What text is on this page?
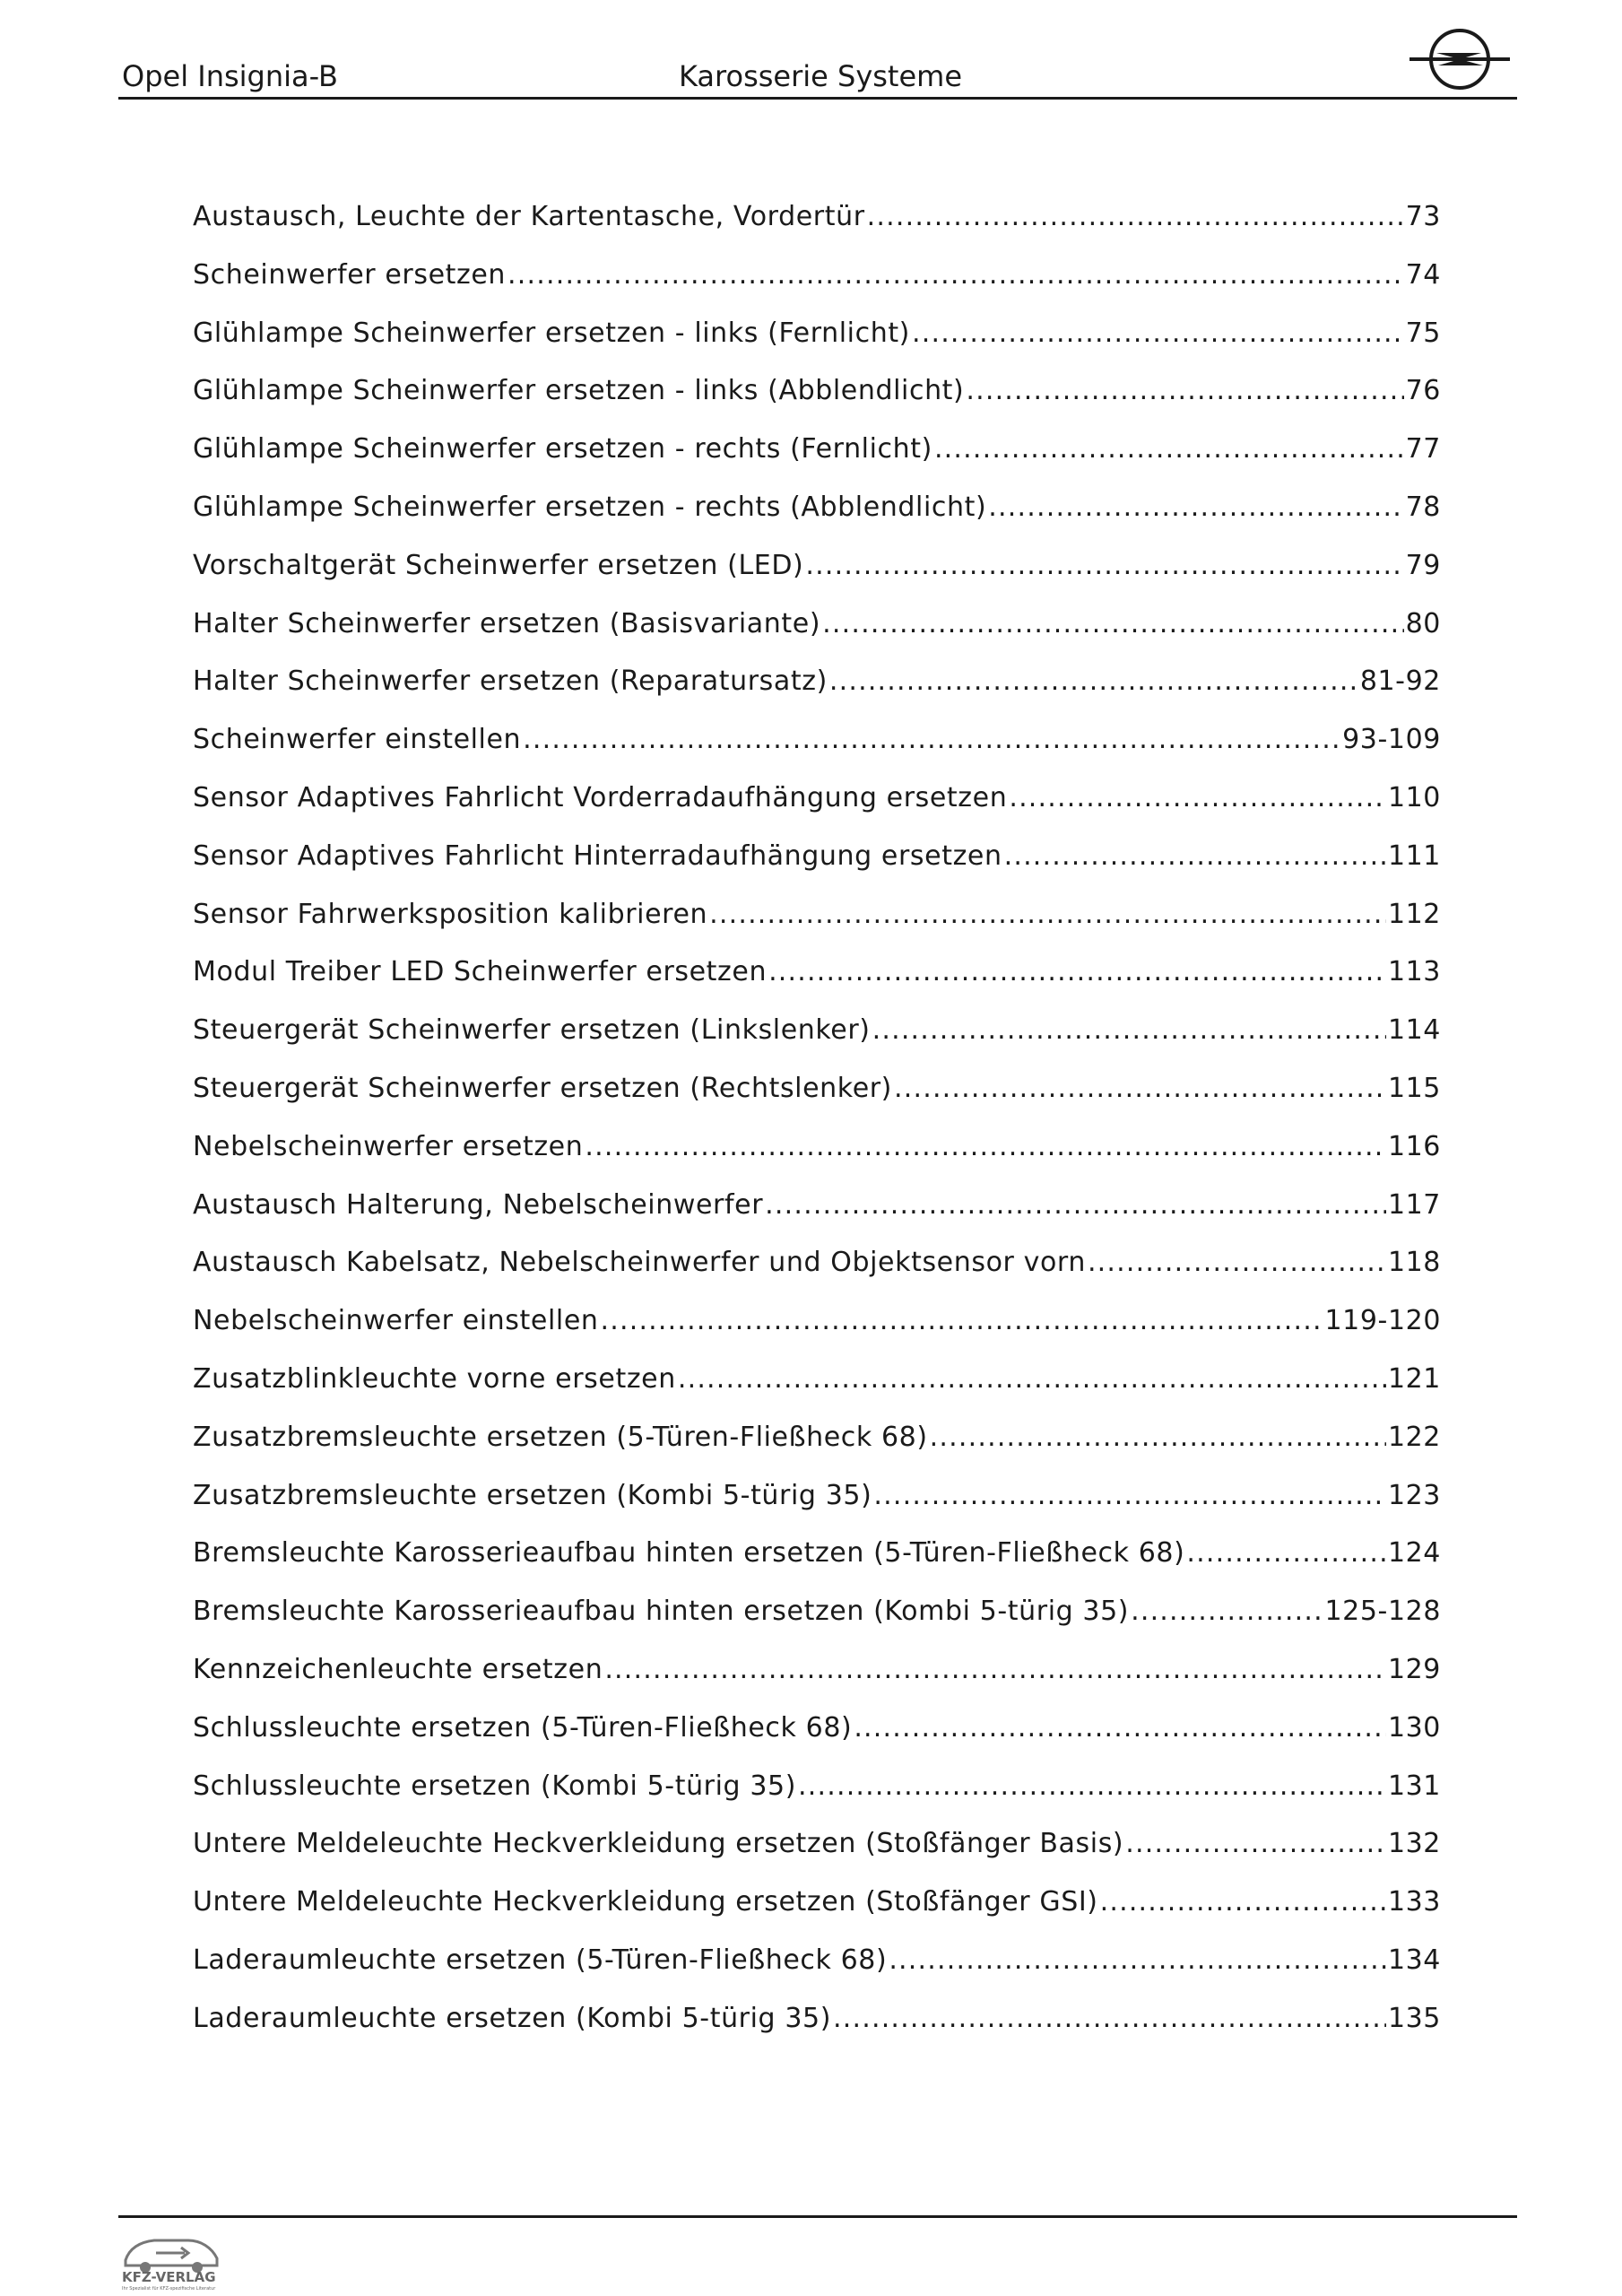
Opel Insignia-B	Karosserie Systeme
Austausch, Leuchte der Kartentasche, Vordertür .....	73
Scheinwerfer ersetzen .....	74
Glühlampe Scheinwerfer ersetzen - links (Fernlicht) .....	75
Glühlampe Scheinwerfer ersetzen - links (Abblendlicht) .....	76
Glühlampe Scheinwerfer ersetzen - rechts (Fernlicht) .....	77
Glühlampe Scheinwerfer ersetzen - rechts (Abblendlicht) .....	78
Vorschaltgerät Scheinwerfer ersetzen (LED) .....	79
Halter Scheinwerfer ersetzen (Basisvariante) .....	80
Halter Scheinwerfer ersetzen (Reparatursatz) .....	81-92
Scheinwerfer einstellen .....	93-109
Sensor Adaptives Fahrlicht Vorderradaufhängung ersetzen .....	110
Sensor Adaptives Fahrlicht Hinterradaufhängung ersetzen .....	111
Sensor Fahrwerksposition kalibrieren .....	112
Modul Treiber LED Scheinwerfer ersetzen .....	113
Steuergerät Scheinwerfer ersetzen (Linkslenker) .....	114
Steuergerät Scheinwerfer ersetzen (Rechtslenker) .....	115
Nebelscheinwerfer ersetzen .....	116
Austausch Halterung, Nebelscheinwerfer .....	117
Austausch Kabelsatz, Nebelscheinwerfer und Objektsensor vorn .....	118
Nebelscheinwerfer einstellen .....	119-120
Zusatzblinkleuchte vorne ersetzen .....	121
Zusatzbremsleuchte ersetzen (5-Türen-Fließheck 68) .....	122
Zusatzbremsleuchte ersetzen (Kombi 5-türig 35) .....	123
Bremsleuchte Karosserieaufbau hinten ersetzen (5-Türen-Fließheck 68) .....	124
Bremsleuchte Karosserieaufbau hinten ersetzen (Kombi 5-türig 35) .....	125-128
Kennzeichenleuchte ersetzen .....	129
Schlussleuchte ersetzen (5-Türen-Fließheck 68) .....	130
Schlussleuchte ersetzen (Kombi 5-türig 35) .....	131
Untere Meldeleuchte Heckverkleidung ersetzen (Stoßfänger Basis) .....	132
Untere Meldeleuchte Heckverkleidung ersetzen (Stoßfänger GSI) .....	133
Laderaumleuchte ersetzen (5-Türen-Fließheck 68) .....	134
Laderaumleuchte ersetzen (Kombi 5-türig 35) .....	135
KFZ-VERLAG
Ihr Spezialist für KFZ-spezifische Literatur
